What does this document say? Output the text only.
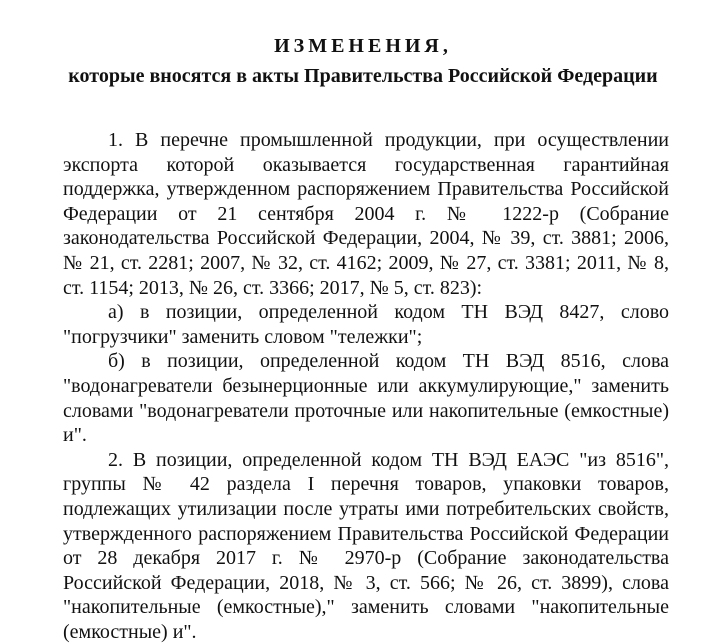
ИЗМЕНЕНИЯ,
которые вносятся в акты Правительства Российской Федерации

1. В перечне промышленной продукции, при осуществлении экспорта которой оказывается государственная гарантийная поддержка, утвержденном распоряжением Правительства Российской Федерации от 21 сентября 2004 г. № 1222-р (Собрание законодательства Российской Федерации, 2004, № 39, ст. 3881; 2006, № 21, ст. 2281; 2007, № 32, ст. 4162; 2009, № 27, ст. 3381; 2011, № 8, ст. 1154; 2013, № 26, ст. 3366; 2017, № 5, ст. 823):

а) в позиции, определенной кодом ТН ВЭД 8427, слово "погрузчики" заменить словом "тележки";

б) в позиции, определенной кодом ТН ВЭД 8516, слова "водонагреватели безынерционные или аккумулирующие," заменить словами "водонагреватели проточные или накопительные (емкостные) и".

2. В позиции, определенной кодом ТН ВЭД ЕАЭС "из 8516", группы № 42 раздела I перечня товаров, упаковки товаров, подлежащих утилизации после утраты ими потребительских свойств, утвержденного распоряжением Правительства Российской Федерации от 28 декабря 2017 г. № 2970-р (Собрание законодательства Российской Федерации, 2018, № 3, ст. 566; № 26, ст. 3899), слова "накопительные (емкостные)," заменить словами "накопительные (емкостные) и".
